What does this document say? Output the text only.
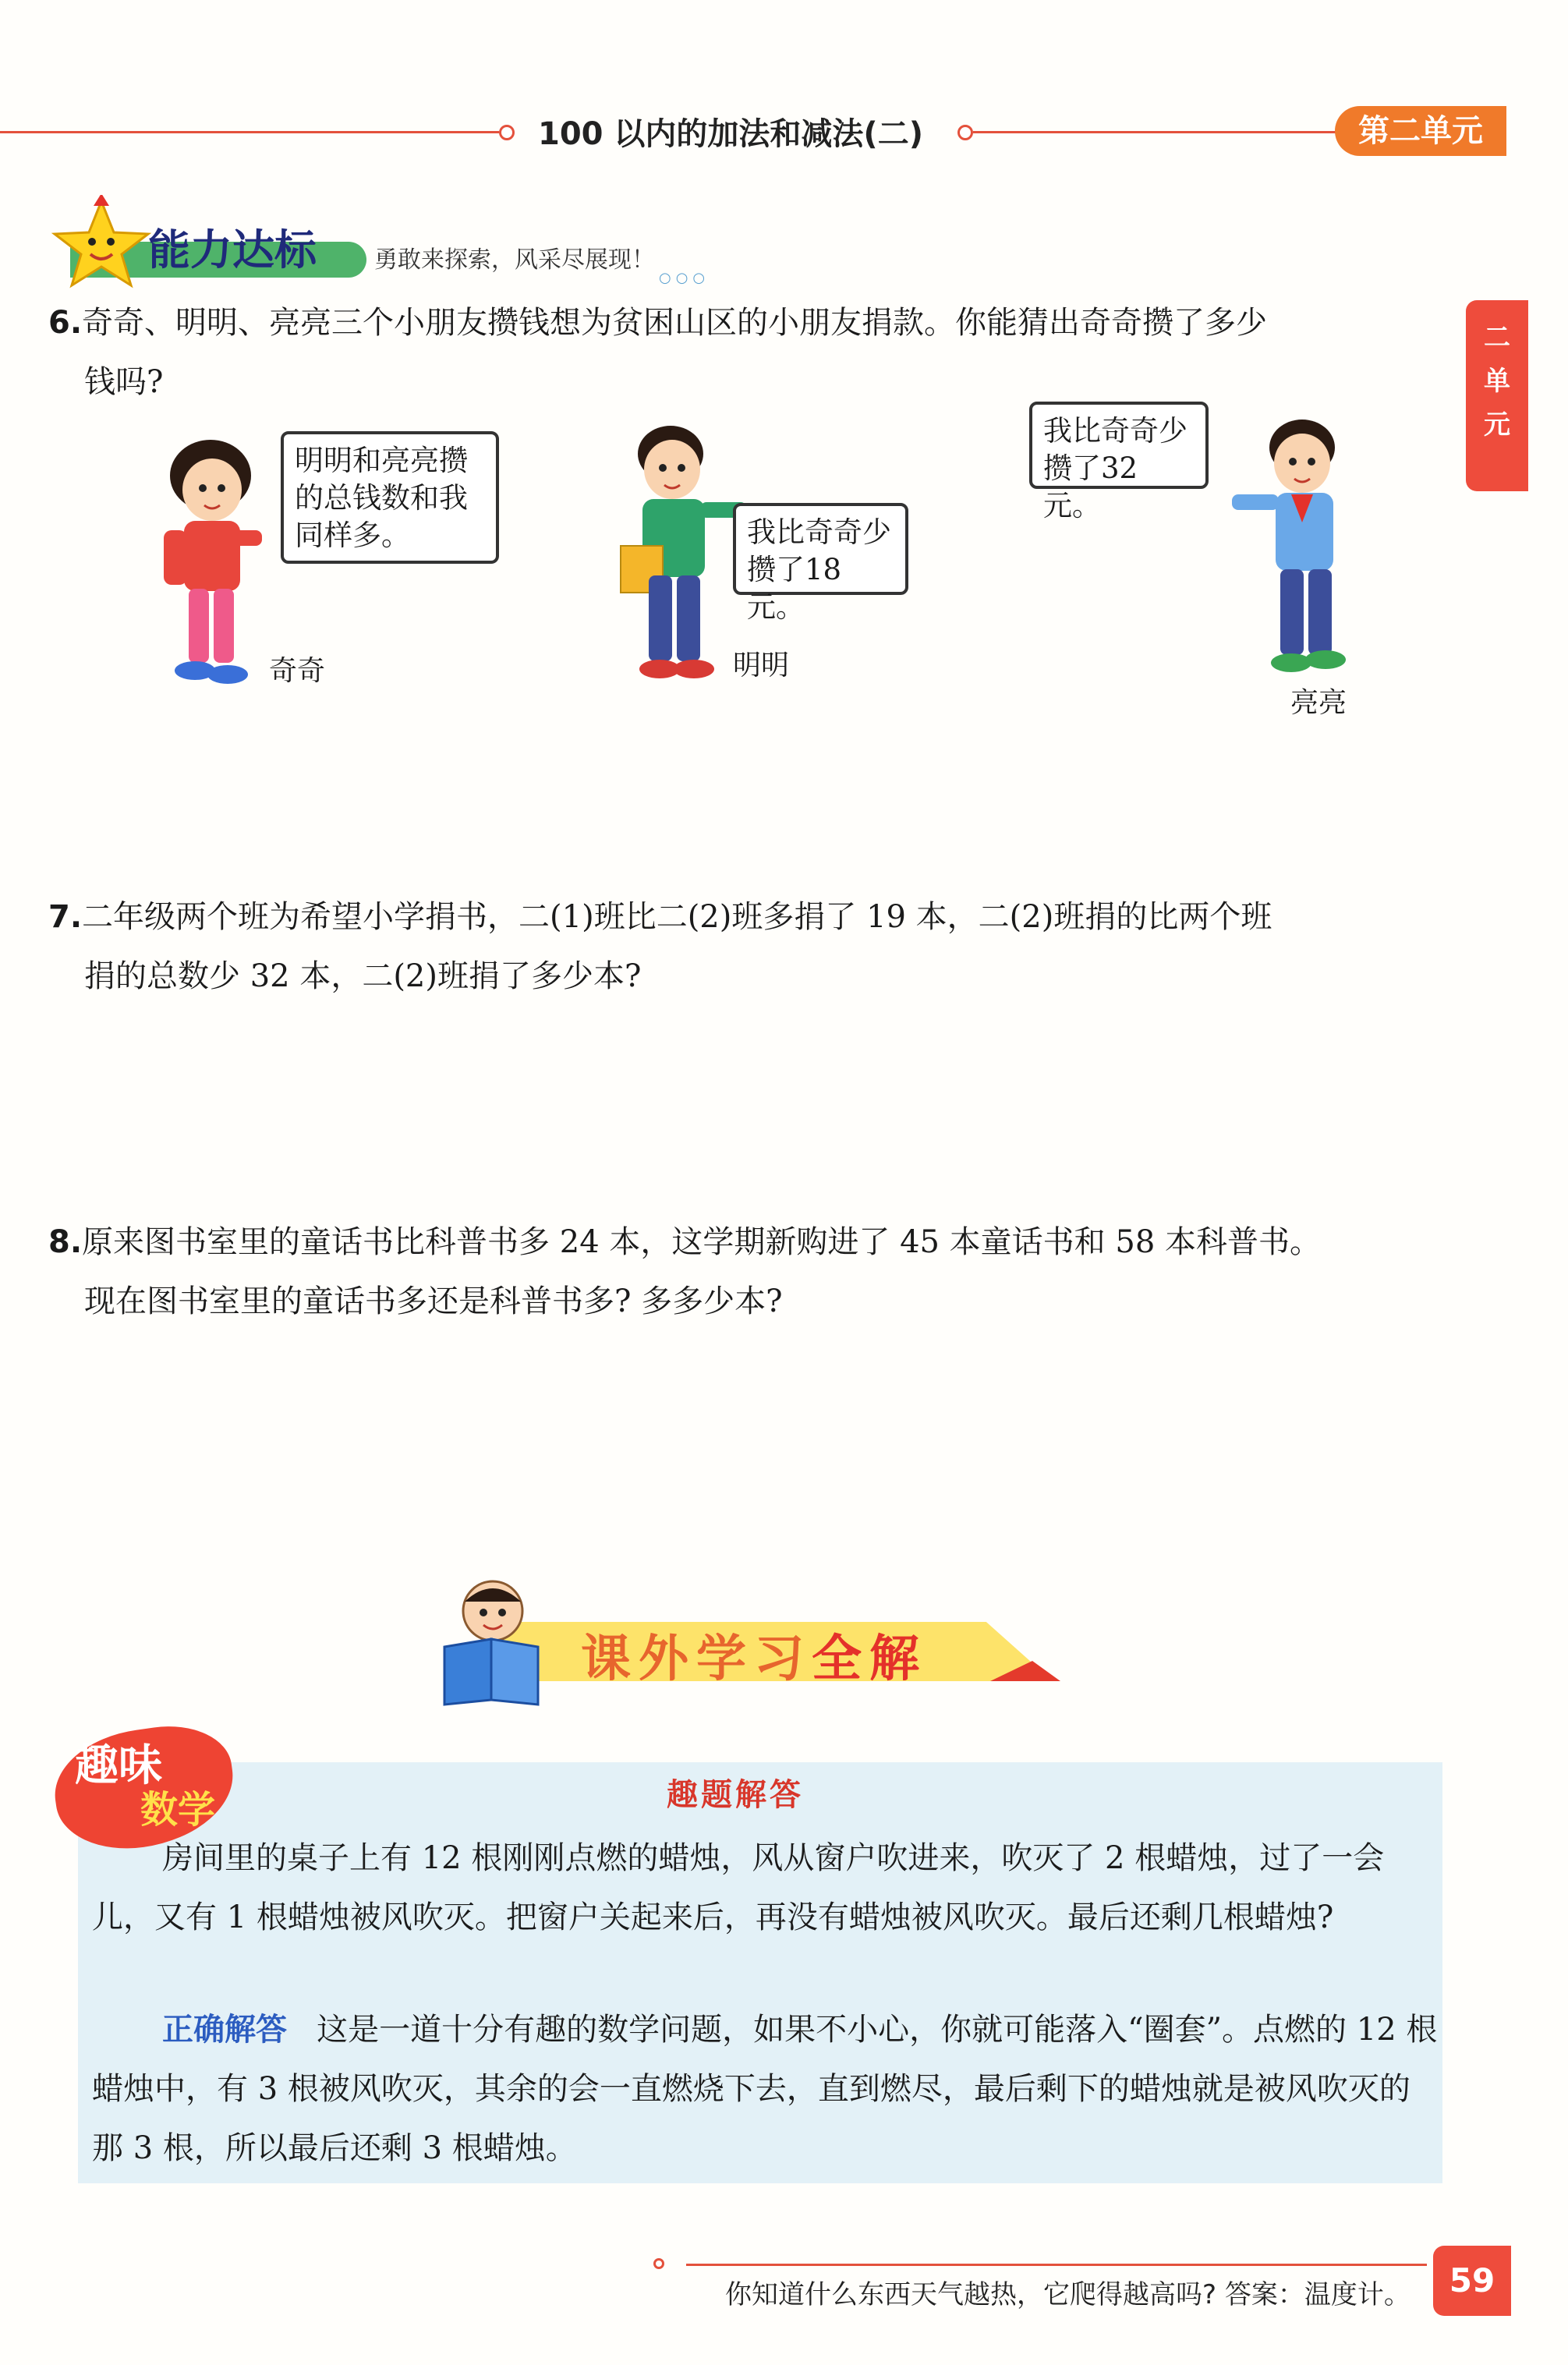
100 以内的加法和减法(二)	第二单元
二
单
元
能力达标 勇敢来探索，风采尽展现！
○○○
6.奇奇、明明、亮亮三个小朋友攒钱想为贫困山区的小朋友捐款。你能猜出奇奇攒了多少
钱吗?
明明和亮亮攒
的总钱数和我
同样多。
奇奇
我比奇奇少
攒了18元。
明明
我比奇奇少
攒了32元。
亮亮
7.二年级两个班为希望小学捐书，二(1)班比二(2)班多捐了 19 本，二(2)班捐的比两个班
捐的总数少 32 本，二(2)班捐了多少本?
8.原来图书室里的童话书比科普书多 24 本，这学期新购进了 45 本童话书和 58 本科普书。
现在图书室里的童话书多还是科普书多? 多多少本?
课外学习全解
趣味
数学	趣题解答
房间里的桌子上有 12 根刚刚点燃的蜡烛，风从窗户吹进来，吹灭了 2 根蜡烛，过了一会儿，又有 1 根蜡烛被风吹灭。把窗户关起来后，再没有蜡烛被风吹灭。最后还剩几根蜡烛?
正确解答 这是一道十分有趣的数学问题，如果不小心，你就可能落入“圈套”。点燃的 12 根蜡烛中，有 3 根被风吹灭，其余的会一直燃烧下去，直到燃尽，最后剩下的蜡烛就是被风吹灭的那 3 根，所以最后还剩 3 根蜡烛。
你知道什么东西天气越热，它爬得越高吗? 答案：温度计。	59
